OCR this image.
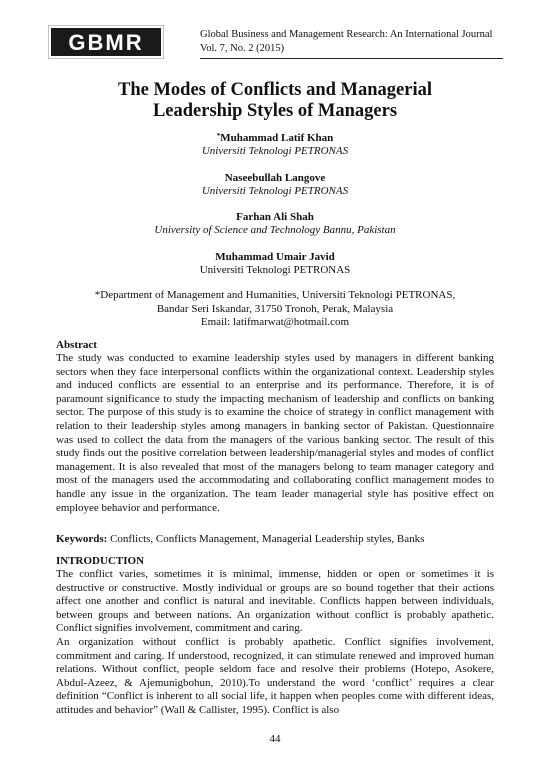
GBMR	Global Business and Management Research: An International Journal
Vol. 7, No. 2 (2015)
The Modes of Conflicts and Managerial
Leadership Styles of Managers
*Muhammad Latif Khan
Universiti Teknologi PETRONAS
Naseebullah Langove
Universiti Teknologi PETRONAS
Farhan Ali Shah
University of Science and Technology Bannu, Pakistan
Muhammad Umair Javid
Universiti Teknologi PETRONAS
*Department of Management and Humanities, Universiti Teknologi PETRONAS,
Bandar Seri Iskandar, 31750 Tronoh, Perak, Malaysia
Email: latifmarwat@hotmail.com
Abstract
The study was conducted to examine leadership styles used by managers in different banking sectors when they face interpersonal conflicts within the organizational context. Leadership styles and induced conflicts are essential to an enterprise and its performance. Therefore, it is of paramount significance to study the impacting mechanism of leadership and conflicts on banking sector. The purpose of this study is to examine the choice of strategy in conflict management with relation to their leadership styles among managers in banking sector of Pakistan. Questionnaire was used to collect the data from the managers of the various banking sector. The result of this study finds out the positive correlation between leadership/managerial styles and modes of conflict management. It is also revealed that most of the managers belong to team manager category and most of the managers used the accommodating and collaborating conflict management modes to handle any issue in the organization. The team leader managerial style has positive effect on employee behavior and performance.
Keywords: Conflicts, Conflicts Management, Managerial Leadership styles, Banks
INTRODUCTION
The conflict varies, sometimes it is minimal, immense, hidden or open or sometimes it is destructive or constructive. Mostly individual or groups are so bound together that their actions affect one another and conflict is natural and inevitable. Conflicts happen between individuals, between groups and between nations. An organization without conflict is probably apathetic. Conflict signifies involvement, commitment and caring.
An organization without conflict is probably apathetic. Conflict signifies involvement, commitment and caring. If understood, recognized, it can stimulate renewed and improved human relations. Without conflict, people seldom face and resolve their problems (Hotepo, Asokere, Abdul-Azeez, & Ajemunigbohun, 2010).To understand the word ‘conflict’ requires a clear definition “Conflict is inherent to all social life, it happen when peoples come with different ideas, attitudes and behavior” (Wall & Callister, 1995). Conflict is also
44
